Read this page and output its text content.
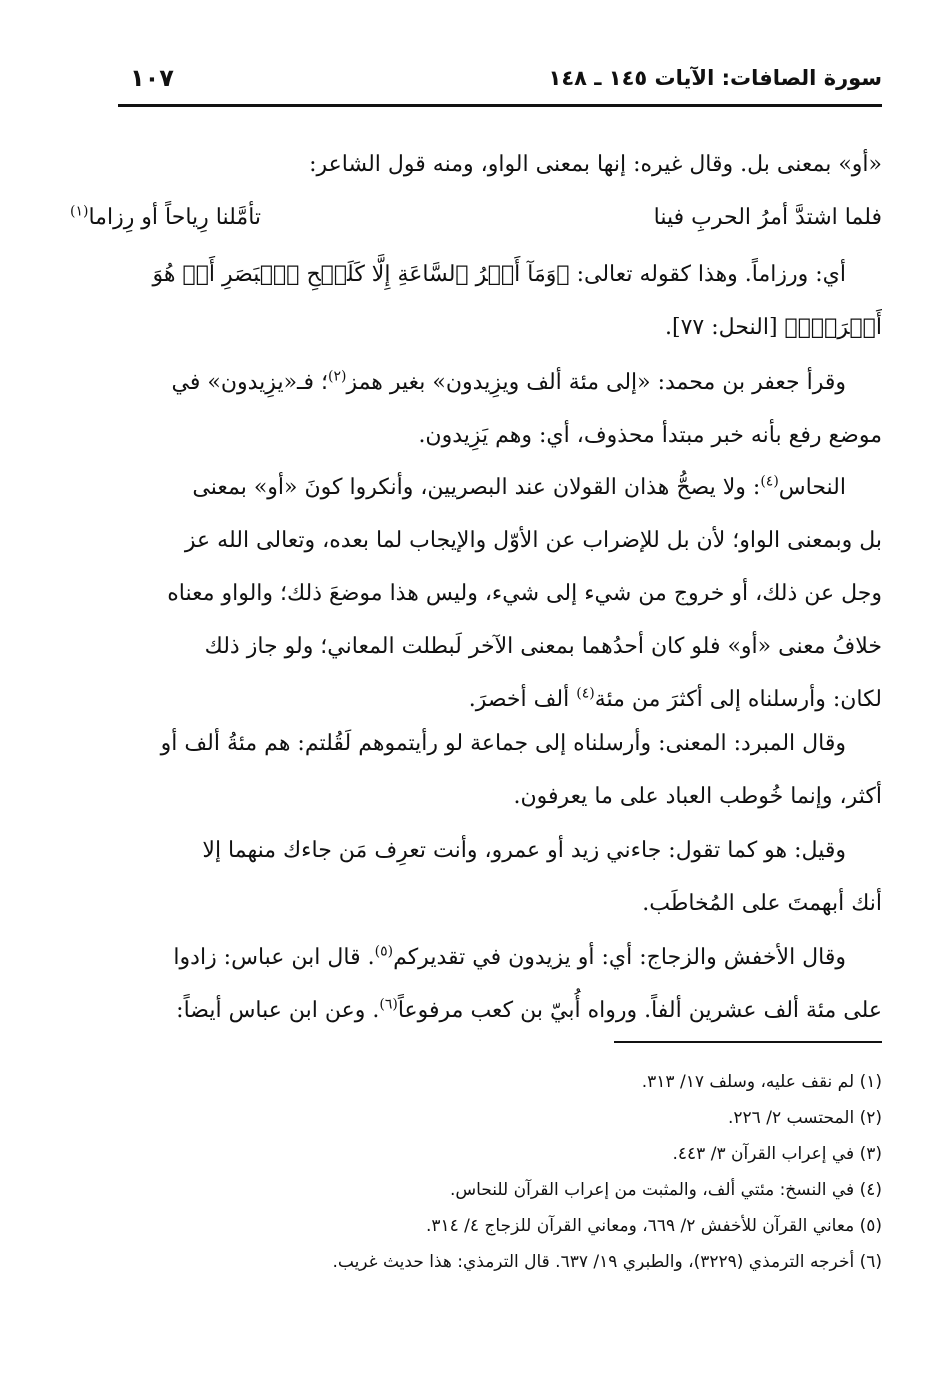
سورة الصافات: الآيات ١٤٥ ـ ١٤٨
١٠٧
«أو» بمعنى بل. وقال غيره: إنها بمعنى الواو، ومنه قول الشاعر:
فلما اشتدَّ أمرُ الحربِ فينا
تأمَّلنا رِياحاً أو رِزاما$^{(١)}$
أي: ورزاماً. وهذا كقوله تعالى: ﴿وَمَآ أَمۡرُ ٱلسَّاعَةِ إِلَّا كَلَمۡحِ ٱلۡبَصَرِ أَوۡ هُوَ
أَقۡرَبُۚ﴾ [النحل: ٧٧].
وقرأ جعفر بن محمد: «إلى مئة ألف ويزِيدون» بغير همز$^{(٢)}$؛ فـ«يزِيدون» في
موضع رفع بأنه خبر مبتدأ محذوف، أي: وهم يَزِيدون.
النحاس$^{(٤)}$: ولا يصحُّ هذان القولان عند البصريين، وأنكروا كونَ «أو» بمعنى
بل وبمعنى الواو؛ لأن بل للإضراب عن الأوّل والإيجاب لما بعده، وتعالى الله عز
وجل عن ذلك، أو خروج من شيء إلى شيء، وليس هذا موضعَ ذلك؛ والواو معناه
خلافُ معنى «أو» فلو كان أحدُهما بمعنى الآخر لَبطلت المعاني؛ ولو جاز ذلك
لكان: وأرسلناه إلى أكثرَ من مئة$^{(٤)}$ ألف أخصرَ.
وقال المبرد: المعنى: وأرسلناه إلى جماعة لو رأيتموهم لَقُلتم: هم مئةُ ألف أو
أكثر، وإنما خُوطب العباد على ما يعرفون.
وقيل: هو كما تقول: جاءني زيد أو عمرو، وأنت تعرِف مَن جاءك منهما إلا
أنك أبهمتَ على المُخاطَب.
وقال الأخفش والزجاج: أي: أو يزيدون في تقديركم$^{(٥)}$. قال ابن عباس: زادوا
على مئة ألف عشرين ألفاً. ورواه أُبيّ بن كعب مرفوعاً$^{(٦)}$. وعن ابن عباس أيضاً:
(١) لم نقف عليه، وسلف ١٧/ ٣١٣.
(٢) المحتسب ٢/ ٢٢٦.
(٣) في إعراب القرآن ٣/ ٤٤٣.
(٤) في النسخ: مئتي ألف، والمثبت من إعراب القرآن للنحاس.
(٥) معاني القرآن للأخفش ٢/ ٦٦٩، ومعاني القرآن للزجاج ٤/ ٣١٤.
(٦) أخرجه الترمذي (٣٢٢٩)، والطبري ١٩/ ٦٣٧. قال الترمذي: هذا حديث غريب.
